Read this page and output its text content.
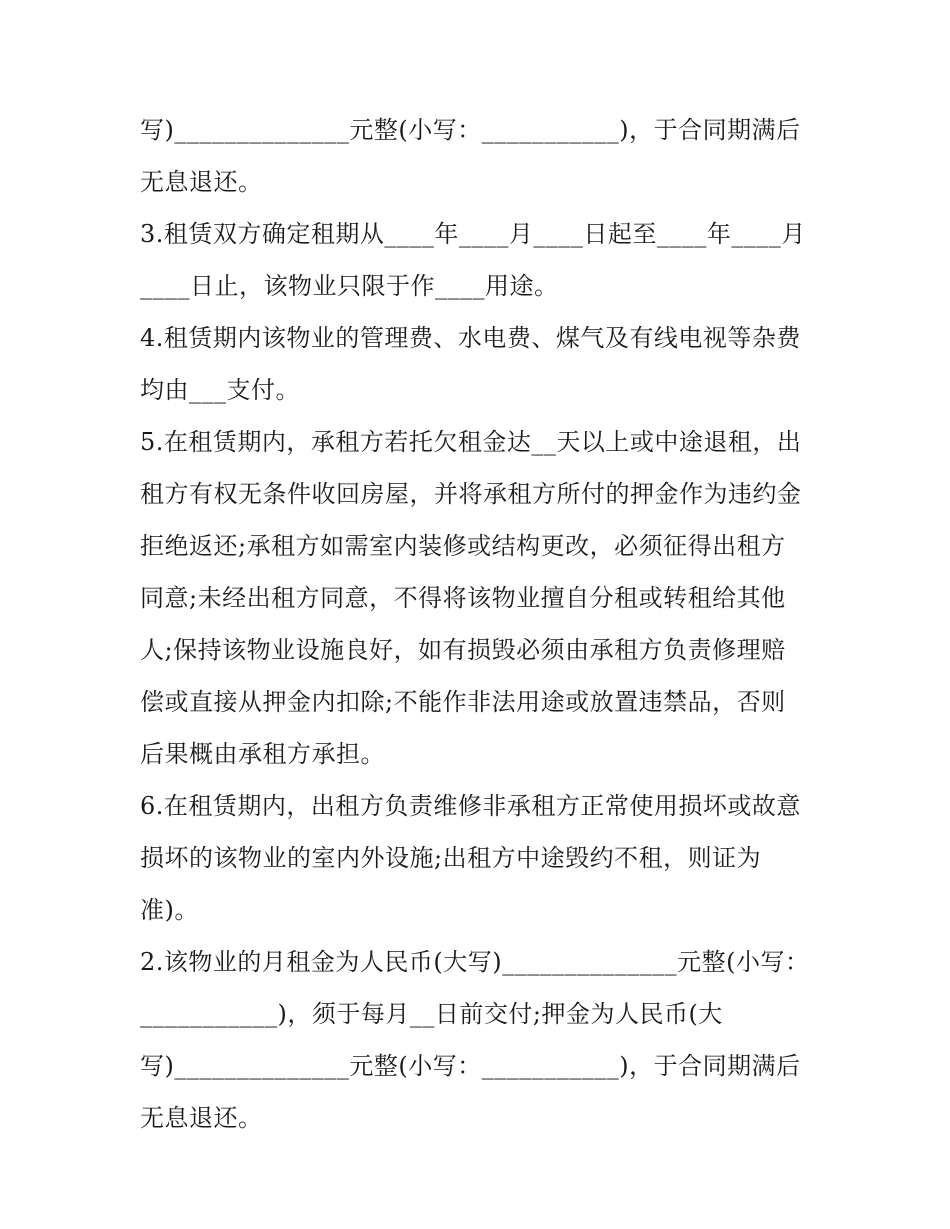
写)______________元整(小写：___________)，于合同期满后
无息退还。
3.租赁双方确定租期从____年____月____日起至____年____月
____日止，该物业只限于作____用途。
4.租赁期内该物业的管理费、水电费、煤气及有线电视等杂费
均由___支付。
5.在租赁期内，承租方若托欠租金达__天以上或中途退租，出
租方有权无条件收回房屋，并将承租方所付的押金作为违约金
拒绝返还;承租方如需室内装修或结构更改，必须征得出租方
同意;未经出租方同意，不得将该物业擅自分租或转租给其他
人;保持该物业设施良好，如有损毁必须由承租方负责修理赔
偿或直接从押金内扣除;不能作非法用途或放置违禁品，否则
后果概由承租方承担。
6.在租赁期内，出租方负责维修非承租方正常使用损坏或故意
损坏的该物业的室内外设施;出租方中途毁约不租，则证为
准)。
2.该物业的月租金为人民币(大写)______________元整(小写：
___________)，须于每月__日前交付;押金为人民币(大
写)______________元整(小写：___________)，于合同期满后
无息退还。
